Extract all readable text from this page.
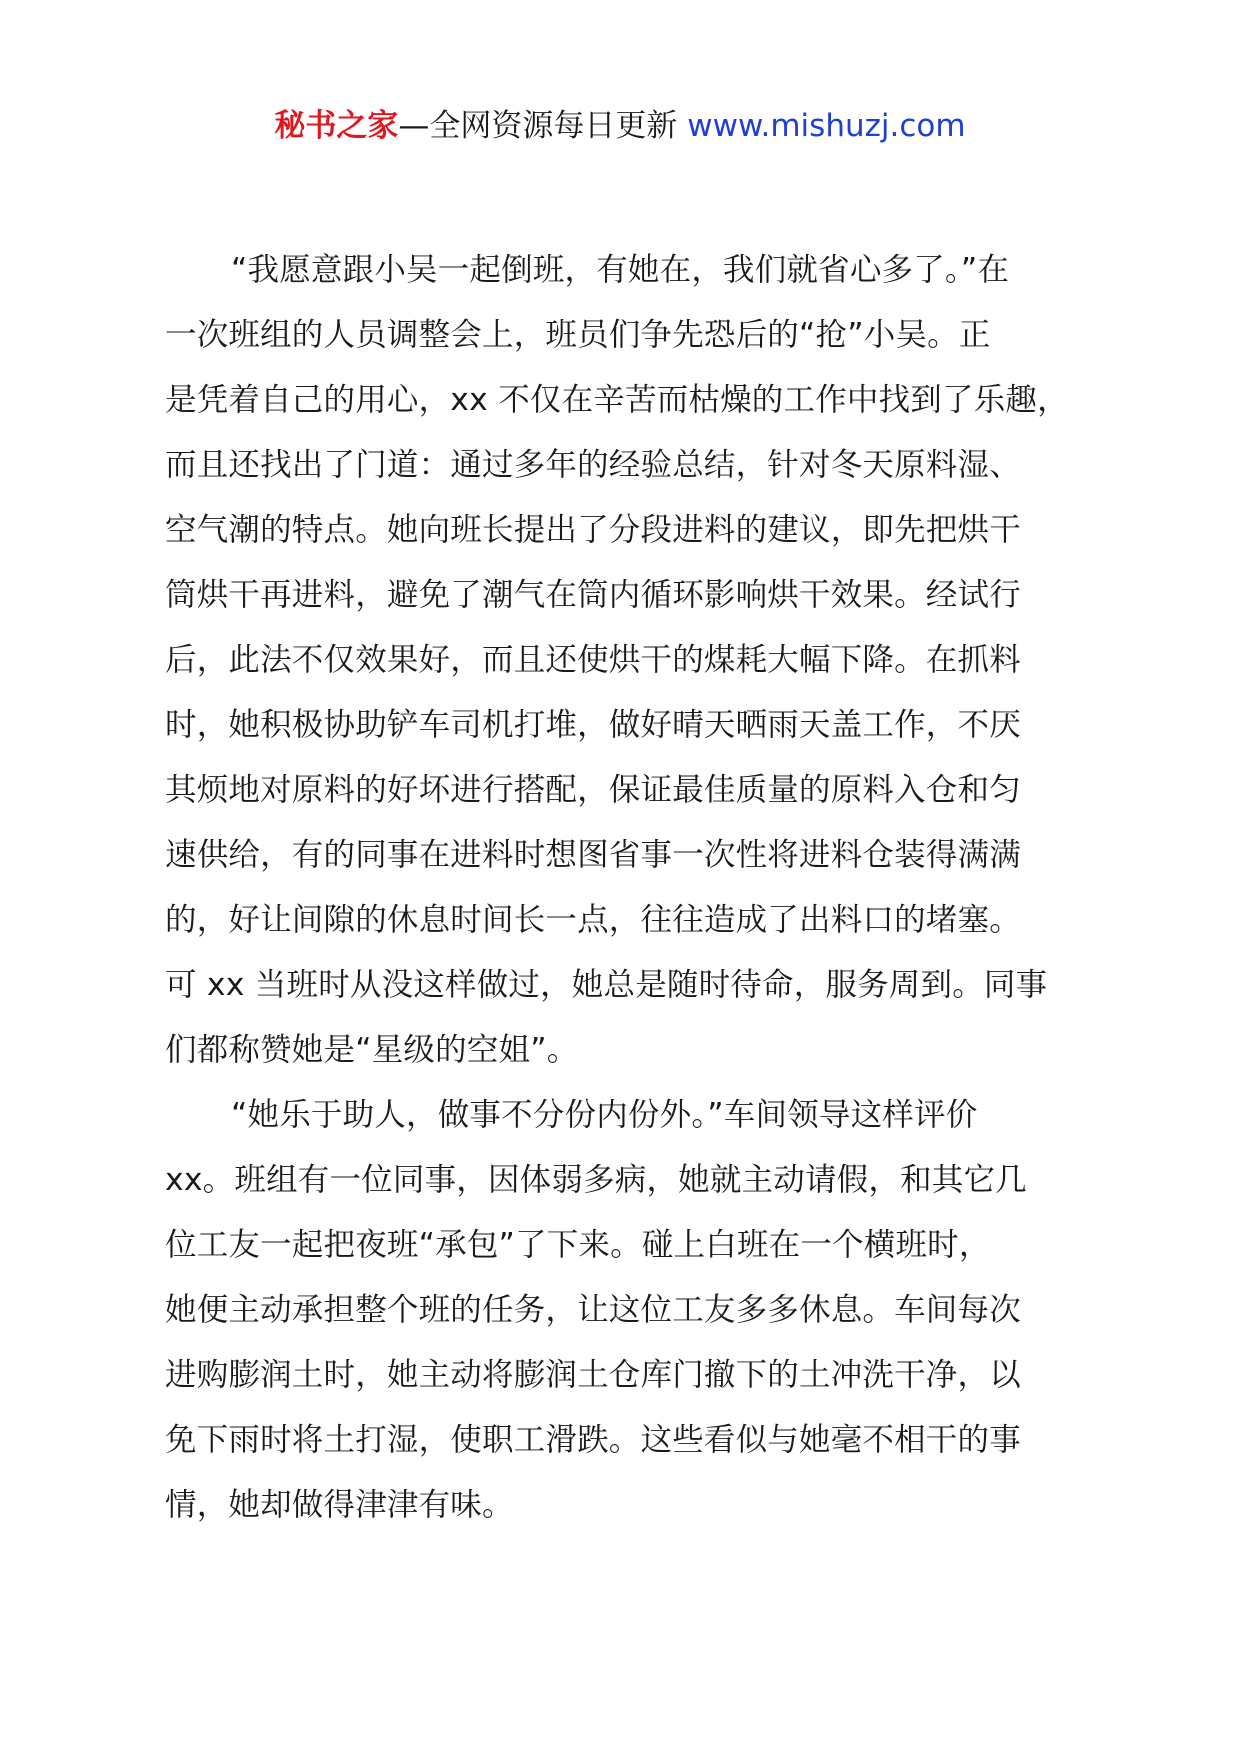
秘书之家—全网资源每日更新 www.mishuzj.com

“我愿意跟小吴一起倒班，有她在，我们就省心多了。”在
一次班组的人员调整会上，班员们争先恐后的“抢”小吴。正
是凭着自己的用心，xx 不仅在辛苦而枯燥的工作中找到了乐趣，
而且还找出了门道：通过多年的经验总结，针对冬天原料湿、
空气潮的特点。她向班长提出了分段进料的建议，即先把烘干
筒烘干再进料，避免了潮气在筒内循环影响烘干效果。经试行
后，此法不仅效果好，而且还使烘干的煤耗大幅下降。在抓料
时，她积极协助铲车司机打堆，做好晴天晒雨天盖工作，不厌
其烦地对原料的好坏进行搭配，保证最佳质量的原料入仓和匀
速供给，有的同事在进料时想图省事一次性将进料仓装得满满
的，好让间隙的休息时间长一点，往往造成了出料口的堵塞。
可 xx 当班时从没这样做过，她总是随时待命，服务周到。同事
们都称赞她是“星级的空姐”。

“她乐于助人，做事不分份内份外。”车间领导这样评价
xx。班组有一位同事，因体弱多病，她就主动请假，和其它几
位工友一起把夜班“承包”了下来。碰上白班在一个横班时，
她便主动承担整个班的任务，让这位工友多多休息。车间每次
进购膨润土时，她主动将膨润土仓库门撤下的土冲洗干净，以
免下雨时将土打湿，使职工滑跌。这些看似与她毫不相干的事
情，她却做得津津有味。
